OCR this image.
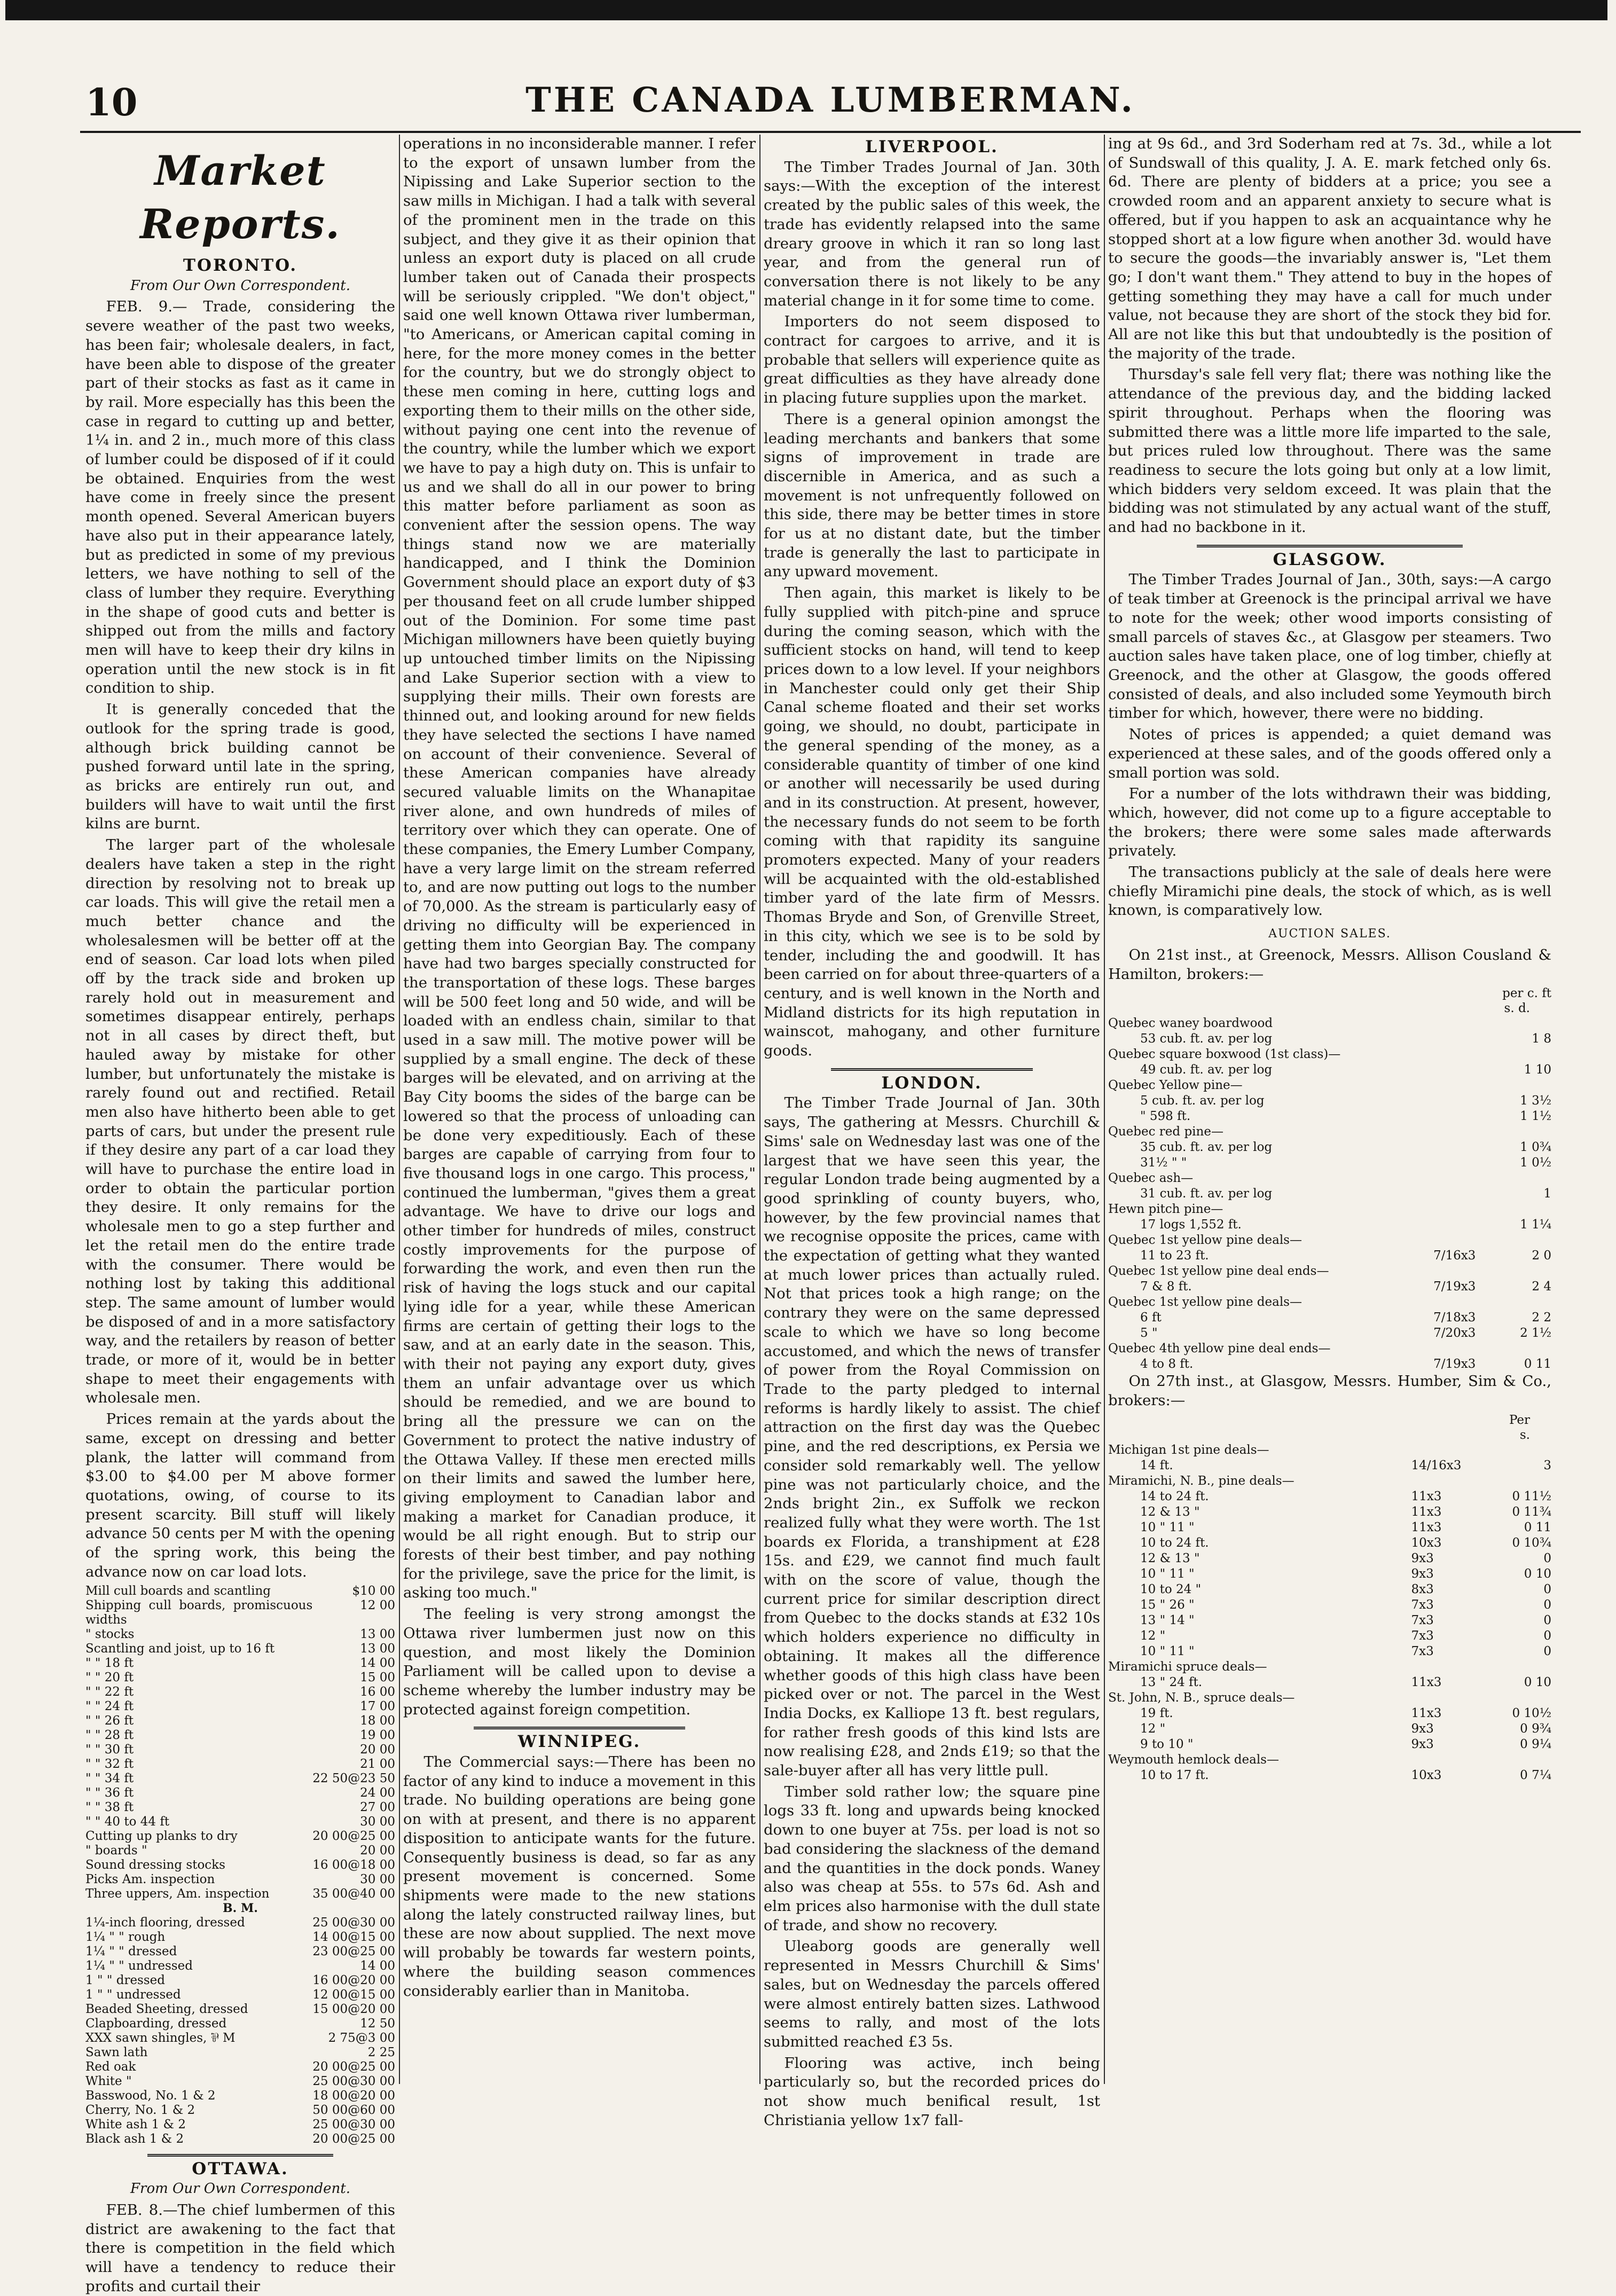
10	THE CANADA LUMBERMAN.
Market Reports.
TORONTO.
From Our Own Correspondent.

FEB. 9.— Trade, considering the severe weather of the past two weeks, has been fair; wholesale dealers, in fact, have been able to dispose of the greater part of their stocks as fast as it came in by rail. More especially has this been the case in regard to cutting up and better, 1¼ in. and 2 in., much more of this class of lumber could be disposed of if it could be obtained. Enquiries from the west have come in freely since the present month opened. Several American buyers have also put in their appearance lately, but as predicted in some of my previous letters, we have nothing to sell of the class of lumber they require. Everything in the shape of good cuts and better is shipped out from the mills and factory men will have to keep their dry kilns in operation until the new stock is in fit condition to ship.

It is generally conceded that the outlook for the spring trade is good, although brick building cannot be pushed forward until late in the spring, as bricks are entirely run out, and builders will have to wait until the first kilns are burnt.

The larger part of the wholesale dealers have taken a step in the right direction by resolving not to break up car loads. This will give the retail men a much better chance and the wholesalesmen will be better off at the end of season. Car load lots when piled off by the track side and broken up rarely hold out in measurement and sometimes disappear entirely, perhaps not in all cases by direct theft, but hauled away by mistake for other lumber, but unfortunately the mistake is rarely found out and rectified. Retail men also have hitherto been able to get parts of cars, but under the present rule if they desire any part of a car load they will have to purchase the entire load in order to obtain the particular portion they desire. It only remains for the wholesale men to go a step further and let the retail men do the entire trade with the consumer. There would be nothing lost by taking this additional step. The same amount of lumber would be disposed of and in a more satisfactory way, and the retailers by reason of better trade, or more of it, would be in better shape to meet their engagements with wholesale men.

Prices remain at the yards about the same, except on dressing and better plank, the latter will command from $3.00 to $4.00 per M above former quotations, owing, of course to its present scarcity. Bill stuff will likely advance 50 cents per M with the opening of the spring work, this being the advance now on car load lots.

Mill cull boards and scantling	$10 00
Shipping cull boards, promiscuous widths	12 00
" stocks	13 00
Scantling and joist, up to 16 ft	13 00
" " 18 ft	14 00
" " 20 ft	15 00
" " 22 ft	16 00
" " 24 ft	17 00
" " 26 ft	18 00
" " 28 ft	19 00
" " 30 ft	20 00
" " 32 ft	21 00
" " 34 ft	22 50@23 50
" " 36 ft	24 00
" " 38 ft	27 00
" " 40 to 44 ft	30 00
Cutting up planks to dry	20 00@25 00
" boards "	20 00
Sound dressing stocks	16 00@18 00
Picks Am. inspection	30 00
Three uppers, Am. inspection	35 00@40 00
B. M.	
1¼-inch flooring, dressed	25 00@30 00
1¼ " " rough	14 00@15 00
1¼ " " dressed	23 00@25 00
1¼ " " undressed	14 00
1 " " dressed	16 00@20 00
1 " " undressed	12 00@15 00
Beaded Sheeting, dressed	15 00@20 00
Clapboarding, dressed	12 50
XXX sawn shingles, ⅌ M	2 75@3 00
Sawn lath	2 25
Red oak	20 00@25 00
White "	25 00@30 00
Basswood, No. 1 & 2	18 00@20 00
Cherry, No. 1 & 2	50 00@60 00
White ash 1 & 2	25 00@30 00
Black ash 1 & 2	20 00@25 00
OTTAWA.
From Our Own Correspondent.

FEB. 8.—The chief lumbermen of this district are awakening to the fact that there is competition in the field which will have a tendency to reduce their profits and curtail their

operations in no inconsiderable manner. I refer to the export of unsawn lumber from the Nipissing and Lake Superior section to the saw mills in Michigan. I had a talk with several of the prominent men in the trade on this subject, and they give it as their opinion that unless an export duty is placed on all crude lumber taken out of Canada their prospects will be seriously crippled. "We don't object," said one well known Ottawa river lumberman, "to Americans, or American capital coming in here, for the more money comes in the better for the country, but we do strongly object to these men coming in here, cutting logs and exporting them to their mills on the other side, without paying one cent into the revenue of the country, while the lumber which we export we have to pay a high duty on. This is unfair to us and we shall do all in our power to bring this matter before parliament as soon as convenient after the session opens. The way things stand now we are materially handicapped, and I think the Dominion Government should place an export duty of $3 per thousand feet on all crude lumber shipped out of the Dominion. For some time past Michigan millowners have been quietly buying up untouched timber limits on the Nipissing and Lake Superior section with a view to supplying their mills. Their own forests are thinned out, and looking around for new fields they have selected the sections I have named on account of their convenience. Several of these American companies have already secured valuable limits on the Whanapitae river alone, and own hundreds of miles of territory over which they can operate. One of these companies, the Emery Lumber Company, have a very large limit on the stream referred to, and are now putting out logs to the number of 70,000. As the stream is particularly easy of driving no difficulty will be experienced in getting them into Georgian Bay. The company have had two barges specially constructed for the transportation of these logs. These barges will be 500 feet long and 50 wide, and will be loaded with an endless chain, similar to that used in a saw mill. The motive power will be supplied by a small engine. The deck of these barges will be elevated, and on arriving at the Bay City booms the sides of the barge can be lowered so that the process of unloading can be done very expeditiously. Each of these barges are capable of carrying from four to five thousand logs in one cargo. This process," continued the lumberman, "gives them a great advantage. We have to drive our logs and other timber for hundreds of miles, construct costly improvements for the purpose of forwarding the work, and even then run the risk of having the logs stuck and our capital lying idle for a year, while these American firms are certain of getting their logs to the saw, and at an early date in the season. This, with their not paying any export duty, gives them an unfair advantage over us which should be remedied, and we are bound to bring all the pressure we can on the Government to protect the native industry of the Ottawa Valley. If these men erected mills on their limits and sawed the lumber here, giving employment to Canadian labor and making a market for Canadian produce, it would be all right enough. But to strip our forests of their best timber, and pay nothing for the privilege, save the price for the limit, is asking too much."

The feeling is very strong amongst the Ottawa river lumbermen just now on this question, and most likely the Dominion Parliament will be called upon to devise a scheme whereby the lumber industry may be protected against foreign competition.

WINNIPEG.

The Commercial says:—There has been no factor of any kind to induce a movement in this trade. No building operations are being gone on with at present, and there is no apparent disposition to anticipate wants for the future. Consequently business is dead, so far as any present movement is concerned. Some shipments were made to the new stations along the lately constructed railway lines, but these are now about supplied. The next move will probably be towards far western points, where the building season commences considerably earlier than in Manitoba.

LIVERPOOL.

The Timber Trades Journal of Jan. 30th says:—With the exception of the interest created by the public sales of this week, the trade has evidently relapsed into the same dreary groove in which it ran so long last year, and from the general run of conversation there is not likely to be any material change in it for some time to come.

Importers do not seem disposed to contract for cargoes to arrive, and it is probable that sellers will experience quite as great difficulties as they have already done in placing future supplies upon the market.

There is a general opinion amongst the leading merchants and bankers that some signs of improvement in trade are discernible in America, and as such a movement is not unfrequently followed on this side, there may be better times in store for us at no distant date, but the timber trade is generally the last to participate in any upward movement.

Then again, this market is likely to be fully supplied with pitch-pine and spruce during the coming season, which with the sufficient stocks on hand, will tend to keep prices down to a low level. If your neighbors in Manchester could only get their Ship Canal scheme floated and their set works going, we should, no doubt, participate in the general spending of the money, as a considerable quantity of timber of one kind or another will necessarily be used during and in its construction. At present, however, the necessary funds do not seem to be forth coming with that rapidity its sanguine promoters expected. Many of your readers will be acquainted with the old-established timber yard of the late firm of Messrs. Thomas Bryde and Son, of Grenville Street, in this city, which we see is to be sold by tender, including the and goodwill. It has been carried on for about three-quarters of a century, and is well known in the North and Midland districts for its high reputation in wainscot, mahogany, and other furniture goods.

LONDON.

The Timber Trade Journal of Jan. 30th says, The gathering at Messrs. Churchill & Sims' sale on Wednesday last was one of the largest that we have seen this year, the regular London trade being augmented by a good sprinkling of county buyers, who, however, by the few provincial names that we recognise opposite the prices, came with the expectation of getting what they wanted at much lower prices than actually ruled. Not that prices took a high range; on the contrary they were on the same depressed scale to which we have so long become accustomed, and which the news of transfer of power from the Royal Commission on Trade to the party pledged to internal reforms is hardly likely to assist. The chief attraction on the first day was the Quebec pine, and the red descriptions, ex Persia we consider sold remarkably well. The yellow pine was not particularly choice, and the 2nds bright 2in., ex Suffolk we reckon realized fully what they were worth. The 1st boards ex Florida, a transhipment at £28 15s. and £29, we cannot find much fault with on the score of value, though the current price for similar description direct from Quebec to the docks stands at £32 10s which holders experience no difficulty in obtaining. It makes all the difference whether goods of this high class have been picked over or not. The parcel in the West India Docks, ex Kalliope 13 ft. best regulars, for rather fresh goods of this kind lsts are now realising £28, and 2nds £19; so that the sale-buyer after all has very little pull.

Timber sold rather low; the square pine logs 33 ft. long and upwards being knocked down to one buyer at 75s. per load is not so bad considering the slackness of the demand and the quantities in the dock ponds. Waney also was cheap at 55s. to 57s 6d. Ash and elm prices also harmonise with the dull state of trade, and show no recovery.

Uleaborg goods are generally well represented in Messrs Churchill & Sims' sales, but on Wednesday the parcels offered were almost entirely batten sizes. Lathwood seems to rally, and most of the lots submitted reached £3 5s.

Flooring was active, inch being particularly so, but the recorded prices do not show much benifical result, 1st Christiania yellow 1x7 fall-

ing at 9s 6d., and 3rd Soderham red at 7s. 3d., while a lot of Sundswall of this quality, J. A. E. mark fetched only 6s. 6d. There are plenty of bidders at a price; you see a crowded room and an apparent anxiety to secure what is offered, but if you happen to ask an acquaintance why he stopped short at a low figure when another 3d. would have to secure the goods—the invariably answer is, "Let them go; I don't want them." They attend to buy in the hopes of getting something they may have a call for much under value, not because they are short of the stock they bid for. All are not like this but that undoubtedly is the position of the majority of the trade.

Thursday's sale fell very flat; there was nothing like the attendance of the previous day, and the bidding lacked spirit throughout. Perhaps when the flooring was submitted there was a little more life imparted to the sale, but prices ruled low throughout. There was the same readiness to secure the lots going but only at a low limit, which bidders very seldom exceed. It was plain that the bidding was not stimulated by any actual want of the stuff, and had no backbone in it.

GLASGOW.

The Timber Trades Journal of Jan., 30th, says:—A cargo of teak timber at Greenock is the principal arrival we have to note for the week; other wood imports consisting of small parcels of staves &c., at Glasgow per steamers. Two auction sales have taken place, one of log timber, chiefly at Greenock, and the other at Glasgow, the goods offered consisted of deals, and also included some Yeymouth birch timber for which, however, there were no bidding.

Notes of prices is appended; a quiet demand was experienced at these sales, and of the goods offered only a small portion was sold.

For a number of the lots withdrawn their was bidding, which, however, did not come up to a figure acceptable to the brokers; there were some sales made afterwards privately.

The transactions publicly at the sale of deals here were chiefly Miramichi pine deals, the stock of which, as is well known, is comparatively low.

AUCTION SALES.

On 21st inst., at Greenock, Messrs. Allison Cousland & Hamilton, brokers:—

per c. ft
s. d.
Quebec waney boardwood		
53 cub. ft. av. per log		1 8
Quebec square boxwood (1st class)—		
49 cub. ft. av. per log		1 10
Quebec Yellow pine—		
5 cub. ft. av. per log		1 3½
" 598 ft.		1 1½
Quebec red pine—		
35 cub. ft. av. per log		1 0¾
31½ " "		1 0½
Quebec ash—		
31 cub. ft. av. per log		1
Hewn pitch pine—		
17 logs 1,552 ft.		1 1¼
Quebec 1st yellow pine deals—		
11 to 23 ft.	7/16x3	2 0
Quebec 1st yellow pine deal ends—		
7 & 8 ft.	7/19x3	2 4
Quebec 1st yellow pine deals—		
6 ft	7/18x3	2 2
5 "	7/20x3	2 1½
Quebec 4th yellow pine deal ends—		
4 to 8 ft.	7/19x3	0 11

On 27th inst., at Glasgow, Messrs. Humber, Sim & Co., brokers:—

Per
s.
Michigan 1st pine deals—		
14 ft.	14/16x3	3
Miramichi, N. B., pine deals—		
14 to 24 ft.	11x3	0 11½
12 & 13 "	11x3	0 11¾
10 " 11 "	11x3	0 11
10 to 24 ft.	10x3	0 10¾
12 & 13 "	9x3	0
10 " 11 "	9x3	0 10
10 to 24 "	8x3	0
15 " 26 "	7x3	0
13 " 14 "	7x3	0
12 "	7x3	0
10 " 11 "	7x3	0
Miramichi spruce deals—		
13 " 24 ft.	11x3	0 10
St. John, N. B., spruce deals—		
19 ft.	11x3	0 10½
12 "	9x3	0 9¾
9 to 10 "	9x3	0 9¼
Weymouth hemlock deals—		
10 to 17 ft.	10x3	0 7¼
